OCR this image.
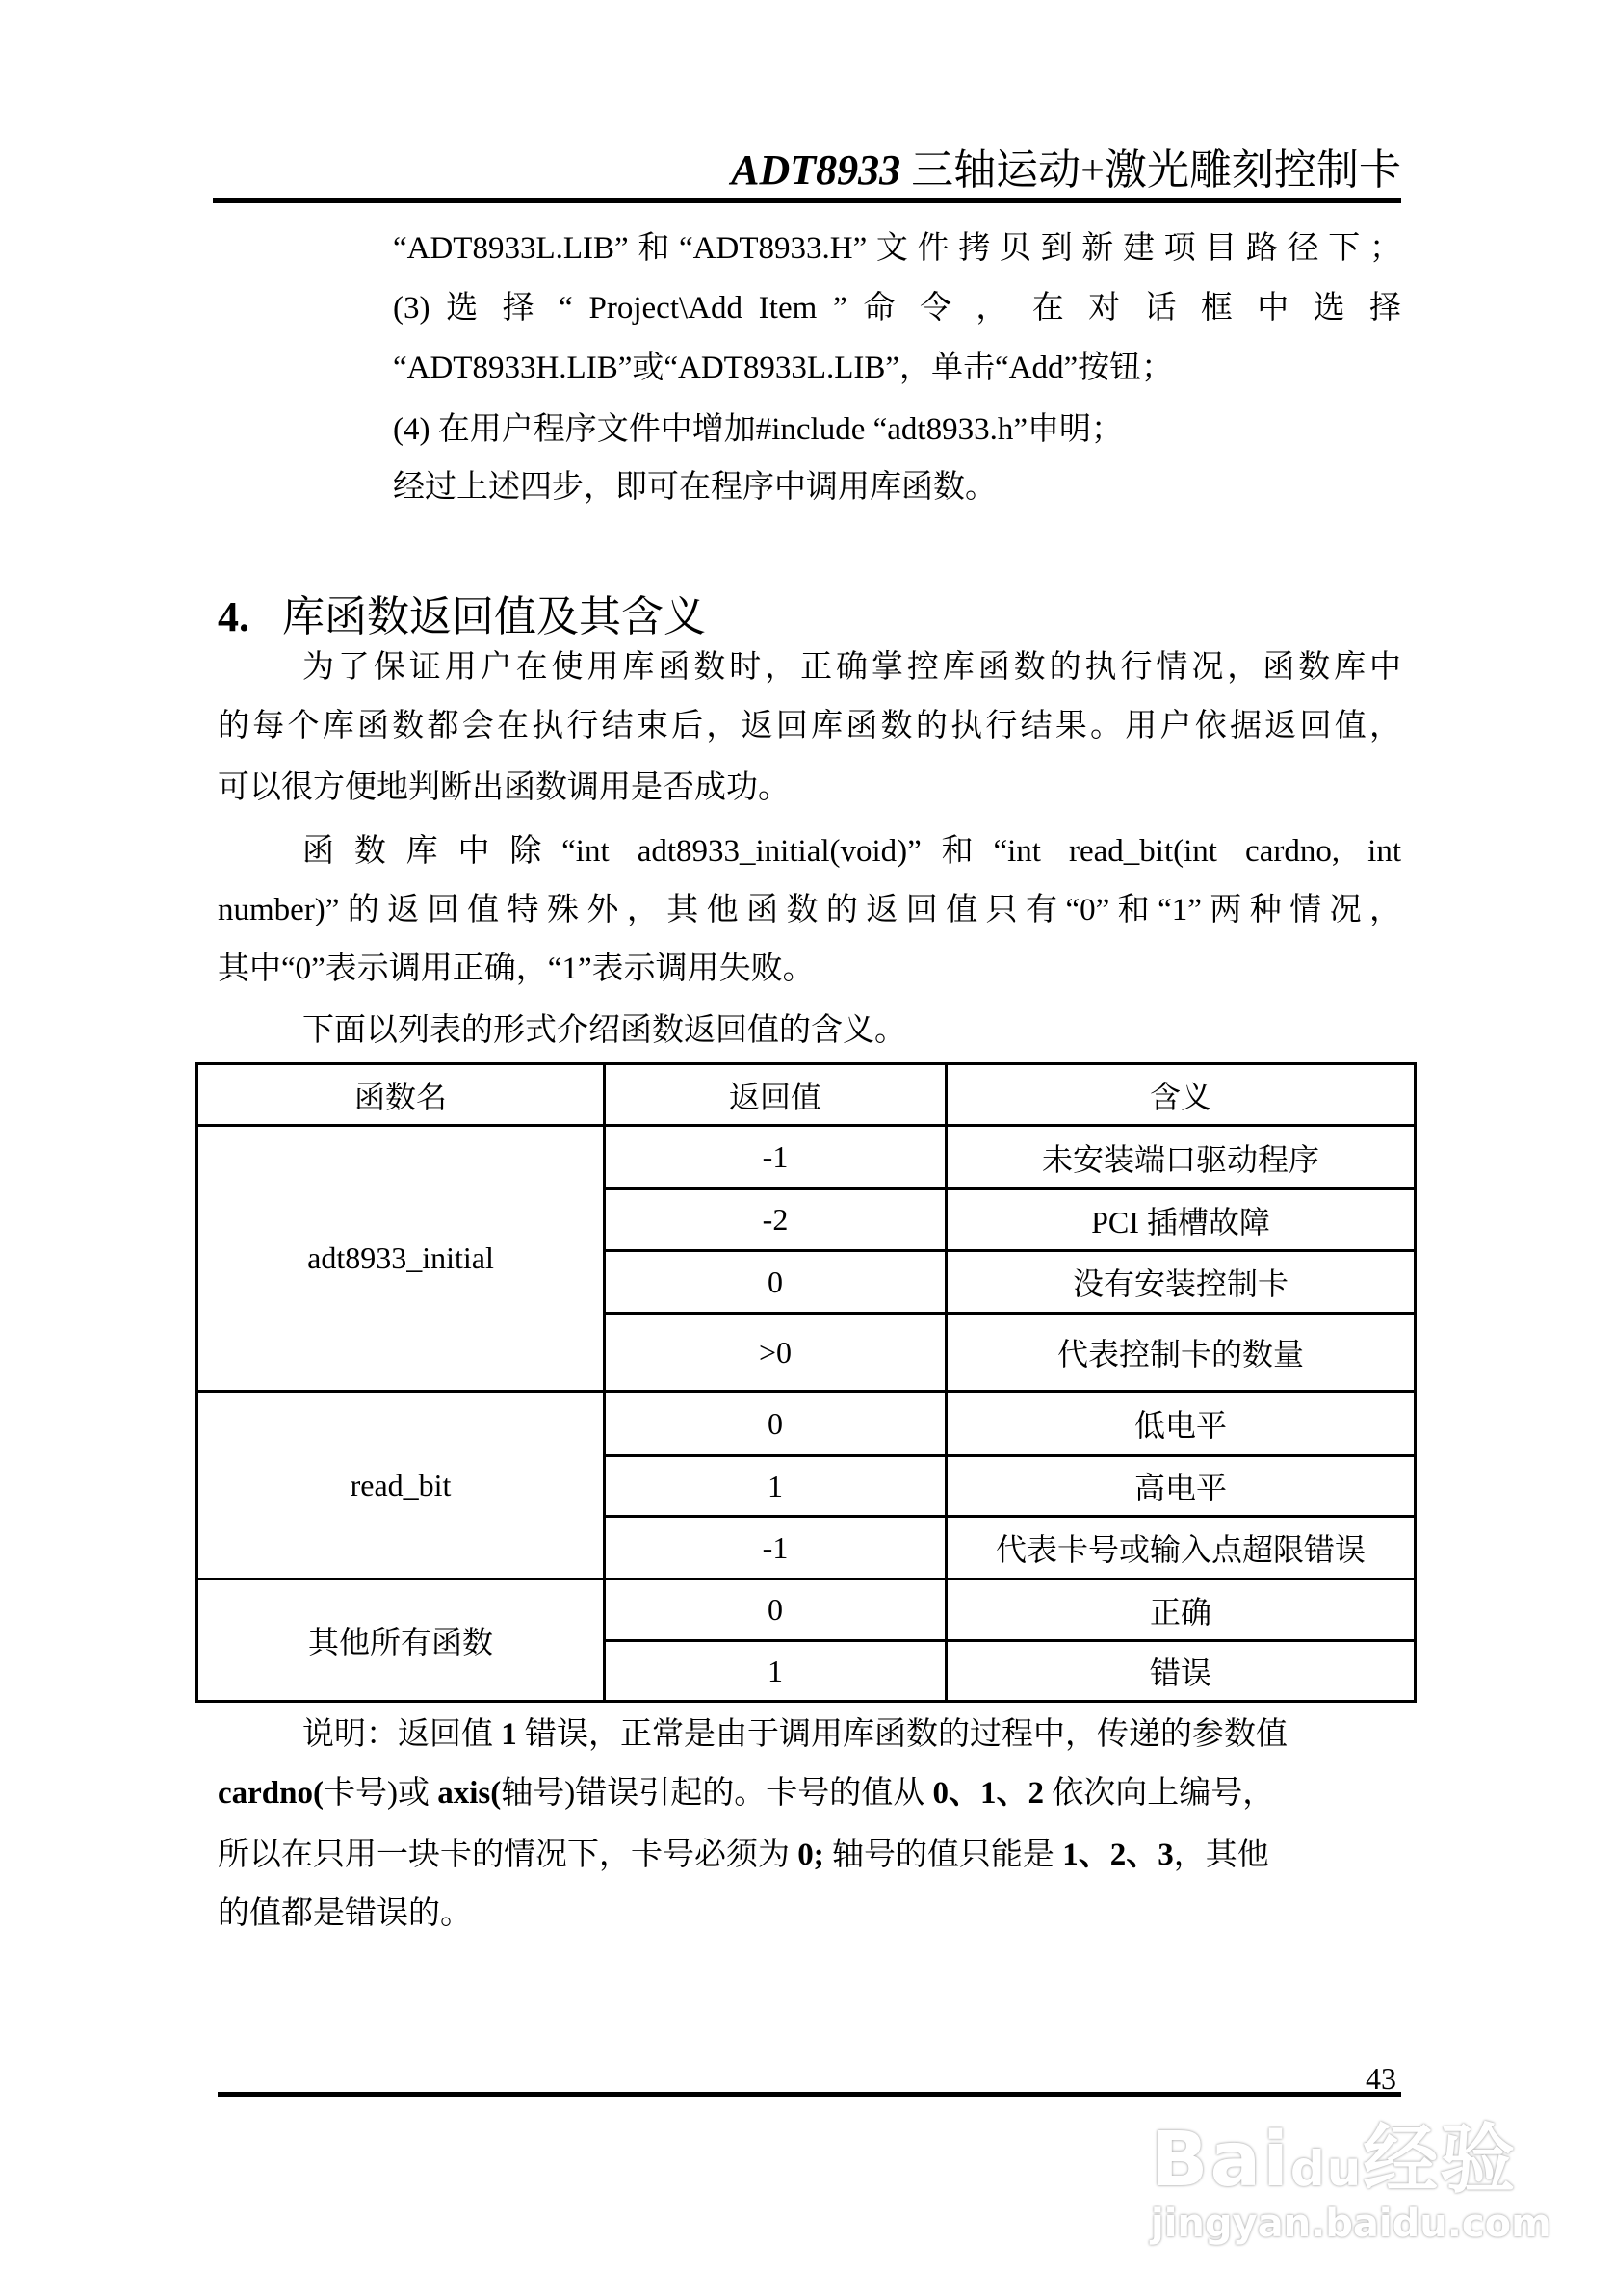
ADT8933 三轴运动+激光雕刻控制卡
“ADT8933L.LIB”和“ADT8933.H”文件拷贝到新建项目路径下；
(3) 选 择 “ Project\Add Item ” 命 令 ， 在 对 话 框 中 选 择
“ADT8933H.LIB”或“ADT8933L.LIB”，单击“Add”按钮；
(4) 在用户程序文件中增加#include “adt8933.h”申明；
经过上述四步，即可在程序中调用库函数。
4. 库函数返回值及其含义
为了保证用户在使用库函数时，正确掌控库函数的执行情况，函数库中
的每个库函数都会在执行结束后，返回库函数的执行结果。用户依据返回值，
可以很方便地判断出函数调用是否成功。
函数库中除“int adt8933_initial(void)”和“int read_bit(int cardno, int
number)”的返回值特殊外，其他函数的返回值只有“0”和“1”两种情况，
其中“0”表示调用正确，“1”表示调用失败。
下面以列表的形式介绍函数返回值的含义。
函数名	返回值	含义
adt8933_initial	-1	未安装端口驱动程序
	-2	PCI 插槽故障
	0	没有安装控制卡
	>0	代表控制卡的数量
read_bit	0	低电平
	1	高电平
	-1	代表卡号或输入点超限错误
其他所有函数	0	正确
	1	错误
说明：返回值 1 错误，正常是由于调用库函数的过程中，传递的参数值
cardno(卡号)或 axis(轴号)错误引起的。卡号的值从 0、1、2 依次向上编号，
所以在只用一块卡的情况下，卡号必须为 0; 轴号的值只能是 1、2、3，其他
的值都是错误的。
43
Baidu经验
jingyan.baidu.com
